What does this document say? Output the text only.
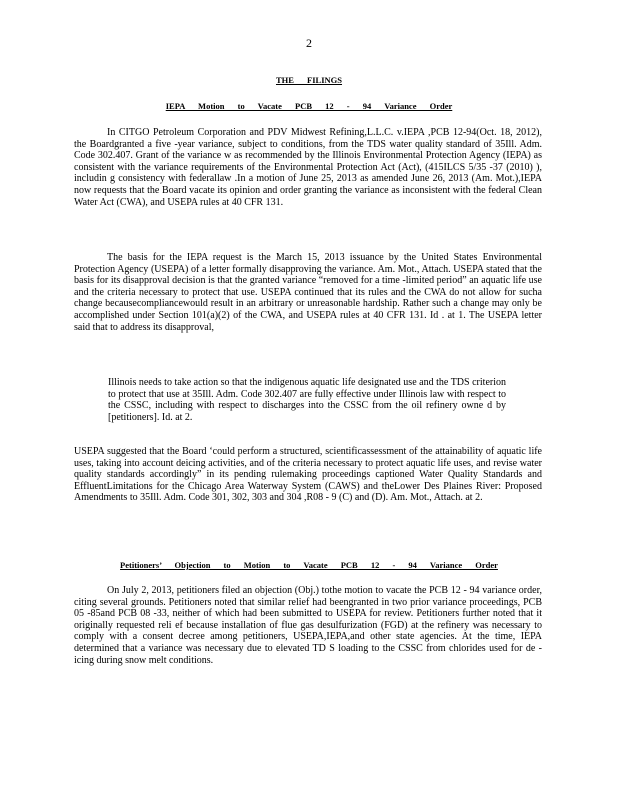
2
THE FILINGS
IEPA Motion to Vacate PCB 12 - 94 Variance Order

In CITGO Petroleum Corporation and PDV Midwest Refining,L.L.C. v.IEPA ,PCB 12-94(Oct. 18, 2012), the Boardgranted a five -year variance, subject to conditions, from the TDS water quality standard of 35Ill. Adm. Code 302.407. Grant of the variance w as recommended by the Illinois Environmental Protection Agency (IEPA) as consistent with the variance requirements of the Environmental Protection Act (Act), (415ILCS 5/35 -37 (2010) ), includin g consistency with federallaw .In a motion of June 25, 2013 as amended June 26, 2013 (Am. Mot.),IEPA now requests that the Board vacate its opinion and order granting the variance as inconsistent with the federal Clean Water Act (CWA), and USEPA rules at 40 CFR 131.

The basis for the IEPA request is the March 15, 2013 issuance by the United States Environmental Protection Agency (USEPA) of a letter formally disapproving the variance. Am. Mot., Attach. USEPA stated that the basis for its disapproval decision is that the granted variance “removed for a time -limited period” an aquatic life use and the criteria necessary to protect that use. USEPA continued that its rules and the CWA do not allow for sucha change becausecompliancewould result in an arbitrary or unreasonable hardship. Rather such a change may only be accomplished under Section 101(a)(2) of the CWA, and USEPA rules at 40 CFR 131. Id . at 1. The USEPA letter said that to address its disapproval,

Illinois needs to take action so that the indigenous aquatic life designated use and the TDS criterion to protect that use at 35Ill. Adm. Code 302.407 are fully effective under Illinois law with respect to the CSSC, including with respect to discharges into the CSSC from the oil refinery owne d by [petitioners]. Id. at 2.

USEPA suggested that the Board ‘could perform a structured, scientificassessment of the attainability of aquatic life uses, taking into account deicing activities, and of the criteria necessary to protect aquatic life uses, and revise water quality standards accordingly” in its pending rulemaking proceedings captioned Water Quality Standards and EffluentLimitations for the Chicago Area Waterway System (CAWS) and theLower Des Plaines River: Proposed Amendments to 35Ill. Adm. Code 301, 302, 303 and 304 ,R08 - 9 (C) and (D). Am. Mot., Attach. at 2.

Petitioners’ Objection to Motion to Vacate PCB 12 - 94 Variance Order

On July 2, 2013, petitioners filed an objection (Obj.) tothe motion to vacate the PCB 12 - 94 variance order, citing several grounds. Petitioners noted that similar relief had beengranted in two prior variance proceedings, PCB 05 -85and PCB 08 -33, neither of which had been submitted to USEPA for review. Petitioners further noted that it originally requested reli ef because installation of flue gas desulfurization (FGD) at the refinery was necessary to comply with a consent decree among petitioners, USEPA,IEPA,and other state agencies. At the time, IEPA determined that a variance was necessary due to elevated TD S loading to the CSSC from chlorides used for de -icing during snow melt conditions.
